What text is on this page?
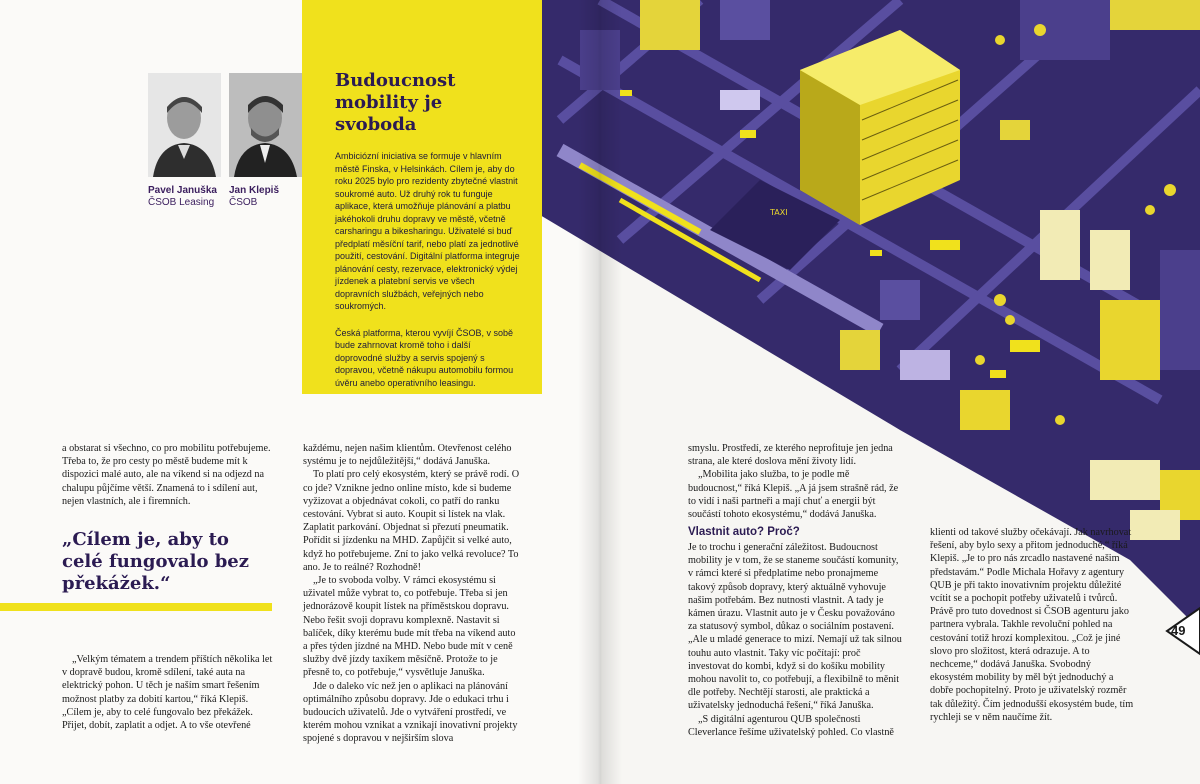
TAXI
Pavel Januška
ČSOB Leasing
Jan Klepiš
ČSOB
Budoucnost
mobility je svoboda

Ambiciózní iniciativa se formuje v hlavním městě Finska, v Helsinkách. Cílem je, aby do roku 2025 bylo pro rezidenty zbytečné vlastnit soukromé auto. Už druhý rok tu funguje aplikace, která umožňuje plánování a platbu jakéhokoli druhu dopravy ve městě, včetně carsharingu a bikesharingu. Uživatelé si buď předplatí měsíční tarif, nebo platí za jednotlivé použití, cestování. Digitální platforma integruje plánování cesty, rezervace, elektronický výdej jízdenek a platební servis ve všech dopravních službách, veřejných nebo soukromých.

Česká platforma, kterou vyvíjí ČSOB, v sobě bude zahrnovat kromě toho i další doprovodné služby a servis spojený s dopravou, včetně nákupu automobilu formou úvěru anebo operativního leasingu.

a obstarat si všechno, co pro mobilitu potřebujeme. Třeba to, že pro cesty po městě budeme mít k dispozici malé auto, ale na víkend si na odjezd na chalupu půjčíme větší. Znamená to i sdílení aut, nejen vlastních, ale i firemních.

„Cílem je, aby to celé fungovalo bez překážek.“

„Velkým tématem a trendem příštích několika let v dopravě budou, kromě sdílení, také auta na elektrický pohon. U těch je naším smart řešením možnost platby za dobití kartou,“ říká Klepiš. „Cílem je, aby to celé fungovalo bez překážek. Přijet, dobít, zaplatit a odjet. A to vše otevřené

každému, nejen našim klientům. Otevřenost celého systému je to nejdůležitější,“ dodává Januška.

To platí pro celý ekosystém, který se právě rodí. O co jde? Vznikne jedno online místo, kde si budeme vyžizovat a objednávat cokoli, co patří do ranku cestování. Vybrat si auto. Koupit si lístek na vlak. Zaplatit parkování. Objednat si přezutí pneumatik. Pořídit si jízdenku na MHD. Zapůjčit si velké auto, když ho potřebujeme. Zní to jako velká revoluce? To ano. Je to reálné? Rozhodně!

„Je to svoboda volby. V rámci ekosystému si uživatel může vybrat to, co potřebuje. Třeba si jen jednorázově koupit lístek na příměstskou dopravu. Nebo řešit svoji dopravu komplexně. Nastavit si balíček, díky kterému bude mít třeba na víkend auto a přes týden jízdné na MHD. Nebo bude mít v ceně služby dvě jízdy taxíkem měsíčně. Protože to je přesně to, co potřebuje,“ vysvětluje Januška.

Jde o daleko víc než jen o aplikaci na plánování optimálního způsobu dopravy. Jde o edukaci trhu i budoucích uživatelů. Jde o vytváření prostředí, ve kterém mohou vznikat a vznikají inovativní projekty spojené s dopravou v nejširším slova

smyslu. Prostředí, ze kterého neprofituje jen jedna strana, ale které doslova mění životy lidí.

„Mobilita jako služba, to je podle mě budoucnost,“ říká Klepiš. „A já jsem strašně rád, že to vidí i naši partneři a mají chuť a energii být součástí tohoto ekosystému,“ dodává Januška.

Vlastnit auto? Proč?

Je to trochu i generační záležitost. Budoucnost mobility je v tom, že se staneme součástí komunity, v rámci které si předplatíme nebo pronajmeme takový způsob dopravy, který aktuálně vyhovuje našim potřebám. Bez nutnosti vlastnit. A tady je kámen úrazu. Vlastnit auto je v Česku považováno za statusový symbol, důkaz o sociálním postavení. „Ale u mladé generace to mizí. Nemají už tak silnou touhu auto vlastnit. Taky víc počítají: proč investovat do kombi, když si do košíku mobility mohou navolit to, co potřebují, a flexibilně to měnit dle potřeby. Nechtějí starosti, ale praktická a uživatelsky jednoduchá řešení,“ říká Januška.

„S digitální agenturou QUB společnosti Cleverlance řešíme uživatelský pohled. Co vlastně

klienti od takové služby očekávají. Jak navrhovat řešení, aby bylo sexy a přitom jednoduché,“ říká Klepiš. „Je to pro nás zrcadlo nastavené našim představám.“ Podle Michala Hořavy z agentury QUB je při takto inovativním projektu důležité vcítit se a pochopit potřeby uživatelů i tvůrců. Právě pro tuto dovednost si ČSOB agenturu jako partnera vybrala. Takhle revoluční pohled na cestování totiž hrozí komplexitou. „Což je jiné slovo pro složitost, která odrazuje. A to nechceme,“ dodává Januška. Svobodný ekosystém mobility by měl být jednoduchý a dobře pochopitelný. Proto je uživatelský rozměr tak důležitý. Čím jednodušší ekosystém bude, tím rychleji se v něm naučíme žít.

49
